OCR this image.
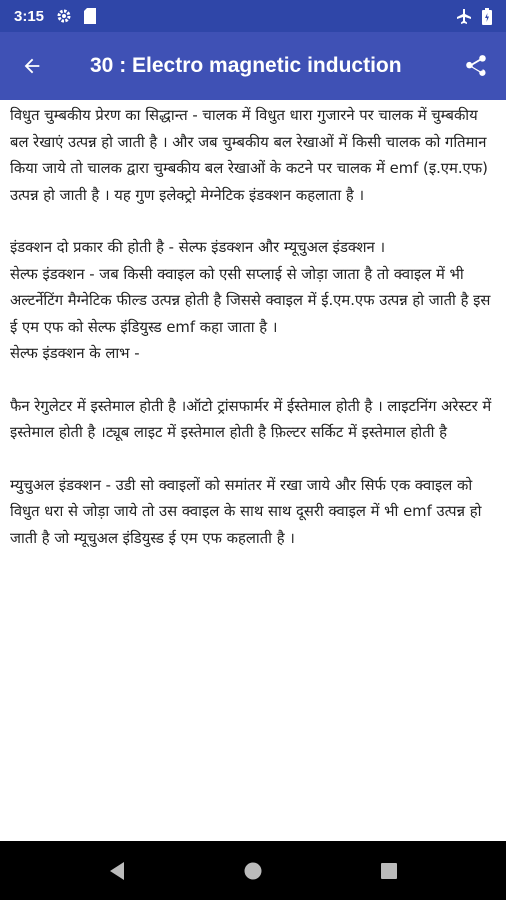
3:15
30 : Electro magnetic induction

विधुत चुम्बकीय प्रेरण का सिद्धान्त - चालक में विधुत धारा गुजारने पर चालक में चुम्बकीय बल रेखाएं उत्पन्न हो जाती है । और जब चुम्बकीय बल रेखाओं में किसी चालक को गतिमान किया जाये तो चालक द्वारा चुम्बकीय बल रेखाओं के कटने पर चालक में emf (इ.एम.एफ) उत्पन्न हो जाती है । यह गुण इलेक्ट्रो मेग्नेटिक इंडक्शन कहलाता है ।

इंडक्शन दो प्रकार की होती है - सेल्फ इंडक्शन और म्यूचुअल इंडक्शन ।
सेल्फ इंडक्शन - जब किसी क्वाइल को एसी सप्लाई से जोड़ा जाता है तो क्वाइल में भी अल्टर्नेटिंग मैग्नेटिक फील्ड उत्पन्न होती है जिससे क्वाइल में ई.एम.एफ उत्पन्न हो जाती है इस ई एम एफ को सेल्फ इंडियुस्ड emf कहा जाता है ।
सेल्फ इंडक्शन के लाभ -

फैन रेगुलेटर में इस्तेमाल होती है ।ऑटो ट्रांसफार्मर में ईस्तेमाल होती है । लाइटनिंग अरेस्टर में इस्तेमाल होती है ।ट्यूब लाइट में इस्तेमाल होती है फ़िल्टर सर्किट में इस्तेमाल होती है

म्युचुअल इंडक्शन - उडी सो क्वाइलों को समांतर में रखा जाये और सिर्फ एक क्वाइल को विधुत धरा से जोड़ा जाये तो उस क्वाइल के साथ साथ दूसरी क्वाइल में भी emf उत्पन्न हो जाती है जो म्यूचुअल इंडियुस्ड ई एम एफ कहलाती है ।
